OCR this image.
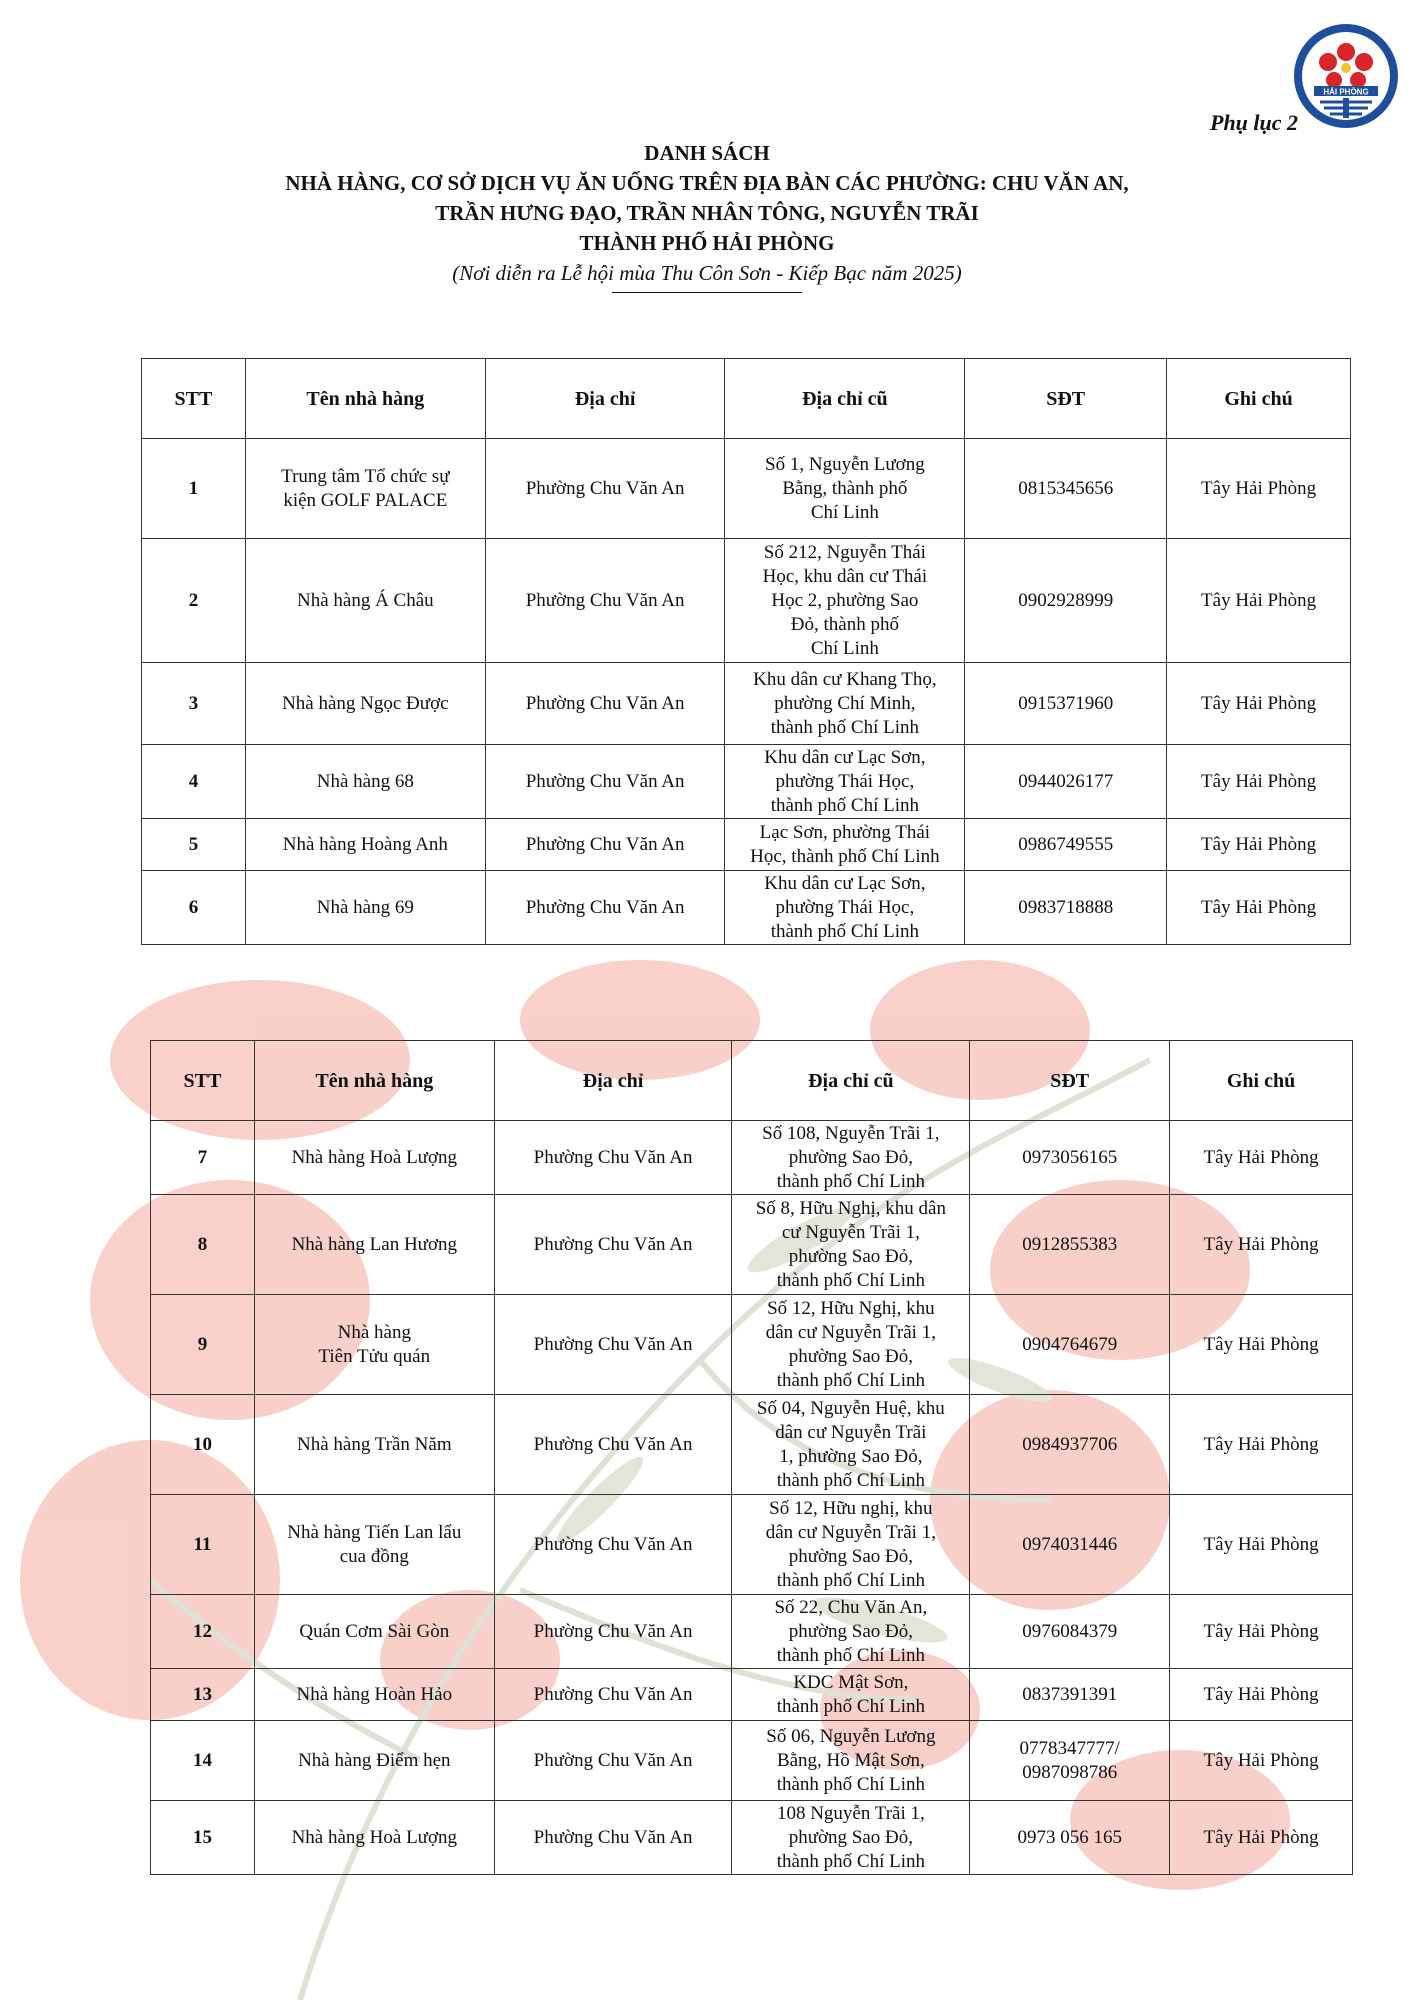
HẢI PHÒNG
Phụ lục 2
DANH SÁCH
NHÀ HÀNG, CƠ SỞ DỊCH VỤ ĂN UỐNG TRÊN ĐỊA BÀN CÁC PHƯỜNG: CHU VĂN AN,
TRẦN HƯNG ĐẠO, TRẦN NHÂN TÔNG, NGUYỄN TRÃI
THÀNH PHỐ HẢI PHÒNG
(Nơi diễn ra Lễ hội mùa Thu Côn Sơn - Kiếp Bạc năm 2025)
STT	Tên nhà hàng	Địa chỉ	Địa chỉ cũ	SĐT	Ghi chú
1	Trung tâm Tổ chức sự
kiện GOLF PALACE	Phường Chu Văn An	Số 1, Nguyễn Lương
Bằng, thành phố
Chí Linh	0815345656	Tây Hải Phòng
2	Nhà hàng Á Châu	Phường Chu Văn An	Số 212, Nguyễn Thái
Học, khu dân cư Thái
Học 2, phường Sao
Đỏ, thành phố
Chí Linh	0902928999	Tây Hải Phòng
3	Nhà hàng Ngọc Được	Phường Chu Văn An	Khu dân cư Khang Thọ,
phường Chí Minh,
thành phố Chí Linh	0915371960	Tây Hải Phòng
4	Nhà hàng 68	Phường Chu Văn An	Khu dân cư Lạc Sơn,
phường Thái Học,
thành phố Chí Linh	0944026177	Tây Hải Phòng
5	Nhà hàng Hoàng Anh	Phường Chu Văn An	Lạc Sơn, phường Thái
Học, thành phố Chí Linh	0986749555	Tây Hải Phòng
6	Nhà hàng 69	Phường Chu Văn An	Khu dân cư Lạc Sơn,
phường Thái Học,
thành phố Chí Linh	0983718888	Tây Hải Phòng
STT	Tên nhà hàng	Địa chỉ	Địa chỉ cũ	SĐT	Ghi chú
7	Nhà hàng Hoà Lượng	Phường Chu Văn An	Số 108, Nguyễn Trãi 1,
phường Sao Đỏ,
thành phố Chí Linh	0973056165	Tây Hải Phòng
8	Nhà hàng Lan Hương	Phường Chu Văn An	Số 8, Hữu Nghị, khu dân
cư Nguyễn Trãi 1,
phường Sao Đỏ,
thành phố Chí Linh	0912855383	Tây Hải Phòng
9	Nhà hàng
Tiên Tửu quán	Phường Chu Văn An	Số 12, Hữu Nghị, khu
dân cư Nguyễn Trãi 1,
phường Sao Đỏ,
thành phố Chí Linh	0904764679	Tây Hải Phòng
10	Nhà hàng Trần Năm	Phường Chu Văn An	Số 04, Nguyễn Huệ, khu
dân cư Nguyễn Trãi
1, phường Sao Đỏ,
thành phố Chí Linh	0984937706	Tây Hải Phòng
11	Nhà hàng Tiến Lan lẩu
cua đồng	Phường Chu Văn An	Số 12, Hữu nghị, khu
dân cư Nguyễn Trãi 1,
phường Sao Đỏ,
thành phố Chí Linh	0974031446	Tây Hải Phòng
12	Quán Cơm Sài Gòn	Phường Chu Văn An	Số 22, Chu Văn An,
phường Sao Đỏ,
thành phố Chí Linh	0976084379	Tây Hải Phòng
13	Nhà hàng Hoàn Hảo	Phường Chu Văn An	KDC Mật Sơn,
thành phố Chí Linh	0837391391	Tây Hải Phòng
14	Nhà hàng Điểm hẹn	Phường Chu Văn An	Số 06, Nguyễn Lương
Bằng, Hồ Mật Sơn,
thành phố Chí Linh	0778347777/
0987098786	Tây Hải Phòng
15	Nhà hàng Hoà Lượng	Phường Chu Văn An	108 Nguyễn Trãi 1,
phường Sao Đỏ,
thành phố Chí Linh	0973 056 165	Tây Hải Phòng
